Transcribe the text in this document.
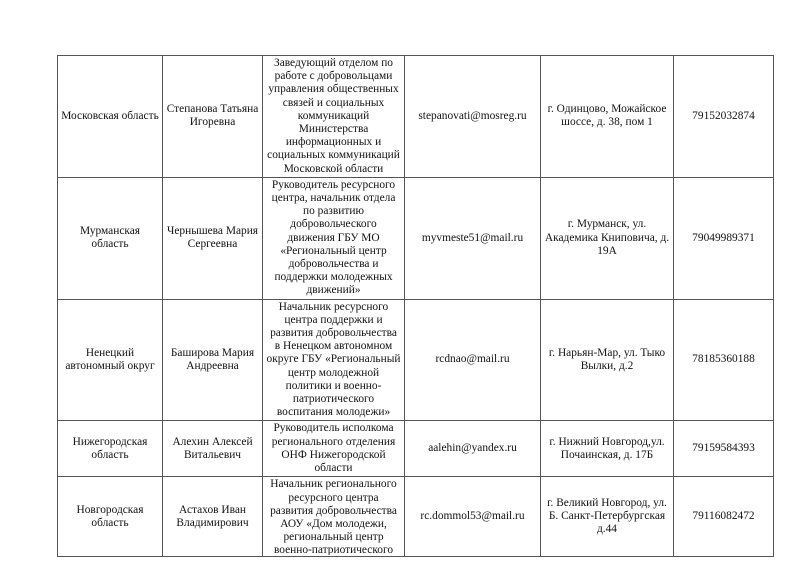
Московская область	Степанова Татьяна Игоревна	Заведующий отделом по работе с добровольцами управления общественных связей и социальных коммуникаций Министерства информационных и социальных коммуникаций Московской области	stepanovati@mosreg.ru	г. Одинцово, Можайское шоссе, д. 38, пом 1	79152032874
Мурманская область	Чернышева Мария Сергеевна	Руководитель ресурсного центра, начальник отдела по развитию добровольческого движения ГБУ МО «Региональный центр добровольчества и поддержки молодежных движений»	myvmeste51@mail.ru	г. Мурманск, ул. Академика Книповича, д. 19А	79049989371
Ненецкий автономный округ	Баширова Мария Андреевна	Начальник ресурсного центра поддержки и развития добровольчества в Ненецком автономном округе ГБУ «Региональный центр молодежной политики и военно-патриотического воспитания молодежи»	rcdnao@mail.ru	г. Нарьян-Мар, ул. Тыко Вылки, д.2	78185360188
Нижегородская область	Алехин Алексей Витальевич	Руководитель исполкома регионального отделения ОНФ Нижегородской области	aalehin@yandex.ru	г. Нижний Новгород,ул. Почаинская, д. 17Б	79159584393
Новгородская область	Астахов Иван Владимирович	Начальник регионального ресурсного центра развития добровольчества АОУ «Дом молодежи, региональный центр военно-патриотического	rc.dommol53@mail.ru	г. Великий Новгород, ул. Б. Санкт-Петербургская д.44	79116082472
